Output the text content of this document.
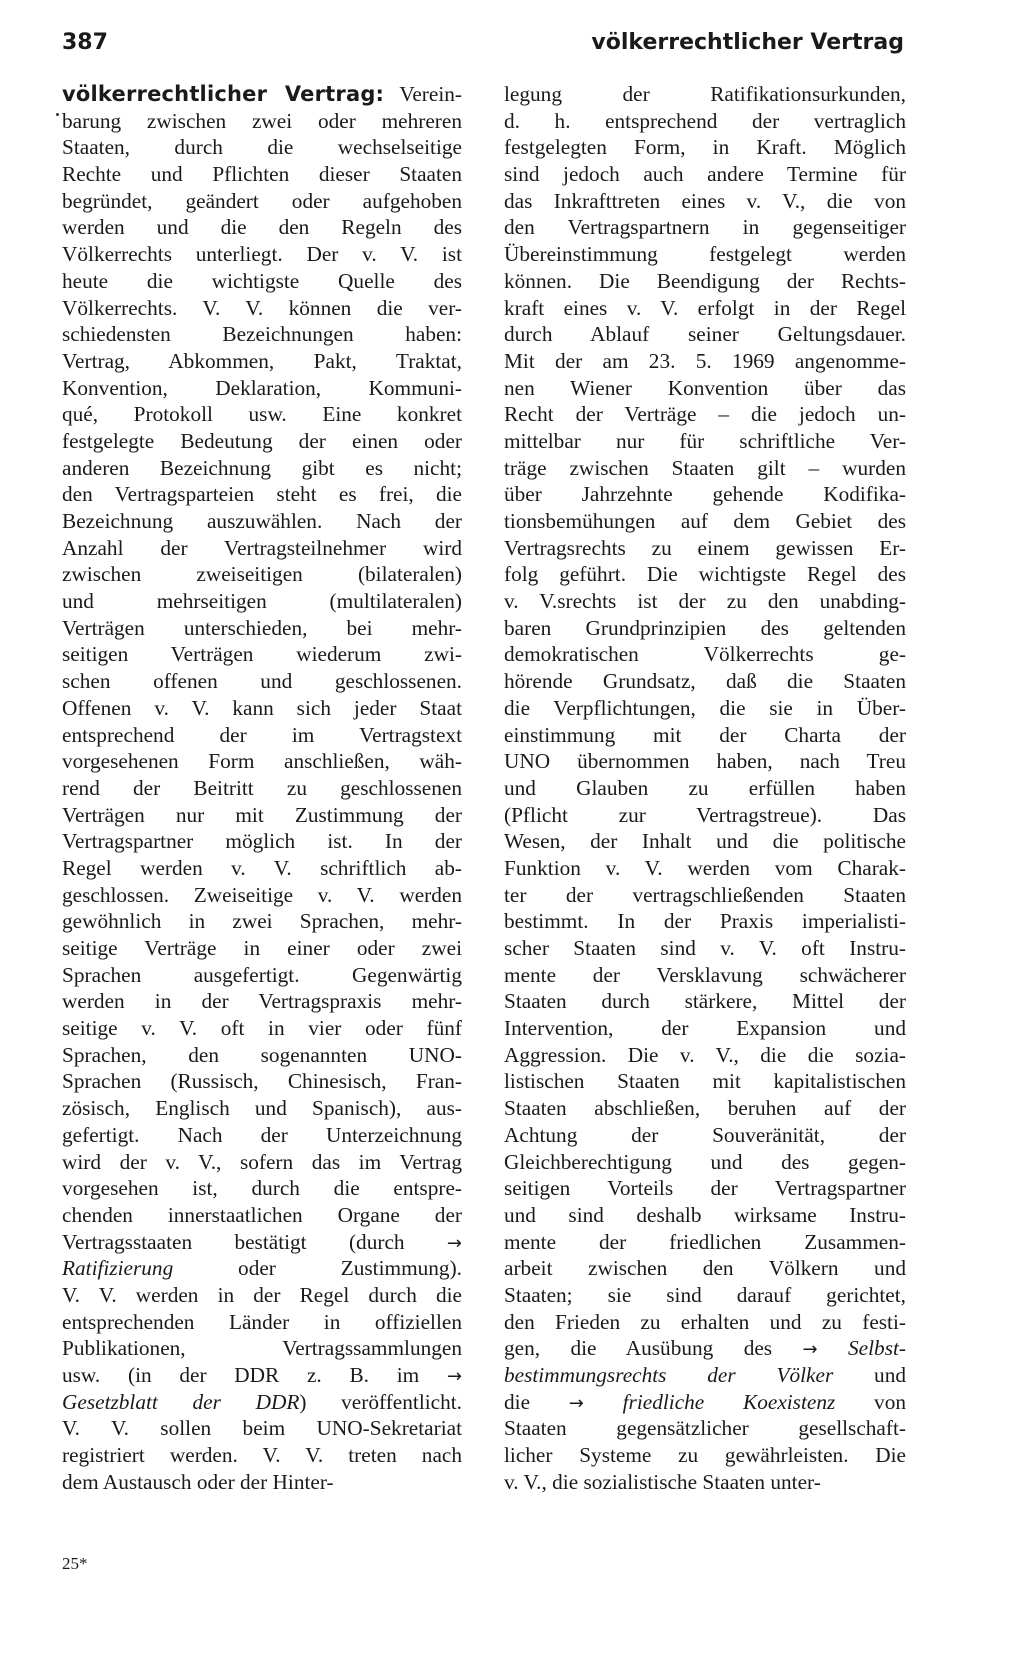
387	völkerrechtlicher Vertrag
völkerrechtlicher Vertrag: Verein-
barung zwischen zwei oder mehreren
Staaten, durch die wechselseitige
Rechte und Pflichten dieser Staaten
begründet, geändert oder aufgehoben
werden und die den Regeln des
Völkerrechts unterliegt. Der v. V. ist
heute die wichtigste Quelle des
Völkerrechts. V. V. können die ver-
schiedensten Bezeichnungen haben:
Vertrag, Abkommen, Pakt, Traktat,
Konvention, Deklaration, Kommuni-
qué, Protokoll usw. Eine konkret
festgelegte Bedeutung der einen oder
anderen Bezeichnung gibt es nicht;
den Vertragsparteien steht es frei, die
Bezeichnung auszuwählen. Nach der
Anzahl der Vertragsteilnehmer wird
zwischen zweiseitigen (bilateralen)
und mehrseitigen (multilateralen)
Verträgen unterschieden, bei mehr-
seitigen Verträgen wiederum zwi-
schen offenen und geschlossenen.
Offenen v. V. kann sich jeder Staat
entsprechend der im Vertragstext
vorgesehenen Form anschließen, wäh-
rend der Beitritt zu geschlossenen
Verträgen nur mit Zustimmung der
Vertragspartner möglich ist. In der
Regel werden v. V. schriftlich ab-
geschlossen. Zweiseitige v. V. werden
gewöhnlich in zwei Sprachen, mehr-
seitige Verträge in einer oder zwei
Sprachen ausgefertigt. Gegenwärtig
werden in der Vertragspraxis mehr-
seitige v. V. oft in vier oder fünf
Sprachen, den sogenannten UNO-
Sprachen (Russisch, Chinesisch, Fran-
zösisch, Englisch und Spanisch), aus-
gefertigt. Nach der Unterzeichnung
wird der v. V., sofern das im Vertrag
vorgesehen ist, durch die entspre-
chenden innerstaatlichen Organe der
Vertragsstaaten bestätigt (durch →
Ratifizierung oder Zustimmung).
V. V. werden in der Regel durch die
entsprechenden Länder in offiziellen
Publikationen, Vertragssammlungen
usw. (in der DDR z. B. im →
Gesetzblatt der DDR) veröffentlicht.
V. V. sollen beim UNO-Sekretariat
registriert werden. V. V. treten nach
dem Austausch oder der Hinter-
legung der Ratifikationsurkunden,
d. h. entsprechend der vertraglich
festgelegten Form, in Kraft. Möglich
sind jedoch auch andere Termine für
das Inkrafttreten eines v. V., die von
den Vertragspartnern in gegenseitiger
Übereinstimmung festgelegt werden
können. Die Beendigung der Rechts-
kraft eines v. V. erfolgt in der Regel
durch Ablauf seiner Geltungsdauer.
Mit der am 23. 5. 1969 angenomme-
nen Wiener Konvention über das
Recht der Verträge – die jedoch un-
mittelbar nur für schriftliche Ver-
träge zwischen Staaten gilt – wurden
über Jahrzehnte gehende Kodifika-
tionsbemühungen auf dem Gebiet des
Vertragsrechts zu einem gewissen Er-
folg geführt. Die wichtigste Regel des
v. V.srechts ist der zu den unabding-
baren Grundprinzipien des geltenden
demokratischen Völkerrechts ge-
hörende Grundsatz, daß die Staaten
die Verpflichtungen, die sie in Über-
einstimmung mit der Charta der
UNO übernommen haben, nach Treu
und Glauben zu erfüllen haben
(Pflicht zur Vertragstreue). Das
Wesen, der Inhalt und die politische
Funktion v. V. werden vom Charak-
ter der vertragschließenden Staaten
bestimmt. In der Praxis imperialisti-
scher Staaten sind v. V. oft Instru-
mente der Versklavung schwächerer
Staaten durch stärkere, Mittel der
Intervention, der Expansion und
Aggression. Die v. V., die die sozia-
listischen Staaten mit kapitalistischen
Staaten abschließen, beruhen auf der
Achtung der Souveränität, der
Gleichberechtigung und des gegen-
seitigen Vorteils der Vertragspartner
und sind deshalb wirksame Instru-
mente der friedlichen Zusammen-
arbeit zwischen den Völkern und
Staaten; sie sind darauf gerichtet,
den Frieden zu erhalten und zu festi-
gen, die Ausübung des → Selbst-
bestimmungsrechts der Völker und
die → friedliche Koexistenz von
Staaten gegensätzlicher gesellschaft-
licher Systeme zu gewährleisten. Die
v. V., die sozialistische Staaten unter-
25*
